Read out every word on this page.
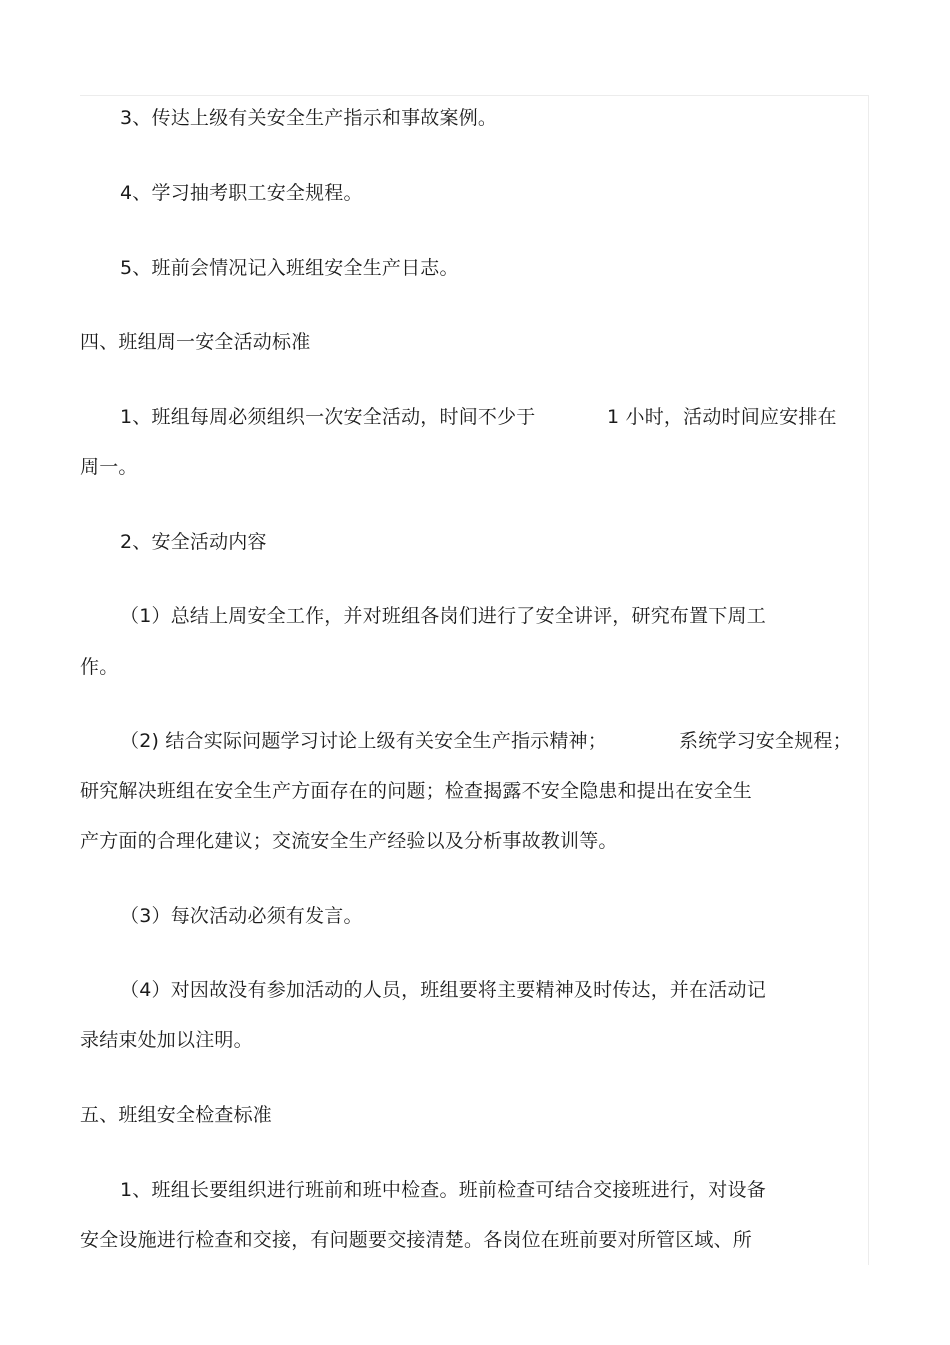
3、传达上级有关安全生产指示和事故案例。
4、学习抽考职工安全规程。
5、班前会情况记入班组安全生产日志。
四、班组周一安全活动标准
1、班组每周必须组织一次安全活动，时间不少于	1 小时，活动时间应安排在
周一。
2、安全活动内容
（1）总结上周安全工作，并对班组各岗们进行了安全讲评，研究布置下周工
作。
（2) 结合实际问题学习讨论上级有关安全生产指示精神；	系统学习安全规程；
研究解决班组在安全生产方面存在的问题；检查揭露不安全隐患和提出在安全生
产方面的合理化建议；交流安全生产经验以及分析事故教训等。
（3）每次活动必须有发言。
（4）对因故没有参加活动的人员，班组要将主要精神及时传达，并在活动记
录结束处加以注明。
五、班组安全检查标准
1、班组长要组织进行班前和班中检查。班前检查可结合交接班进行，对设备
安全设施进行检查和交接，有问题要交接清楚。各岗位在班前要对所管区域、所
